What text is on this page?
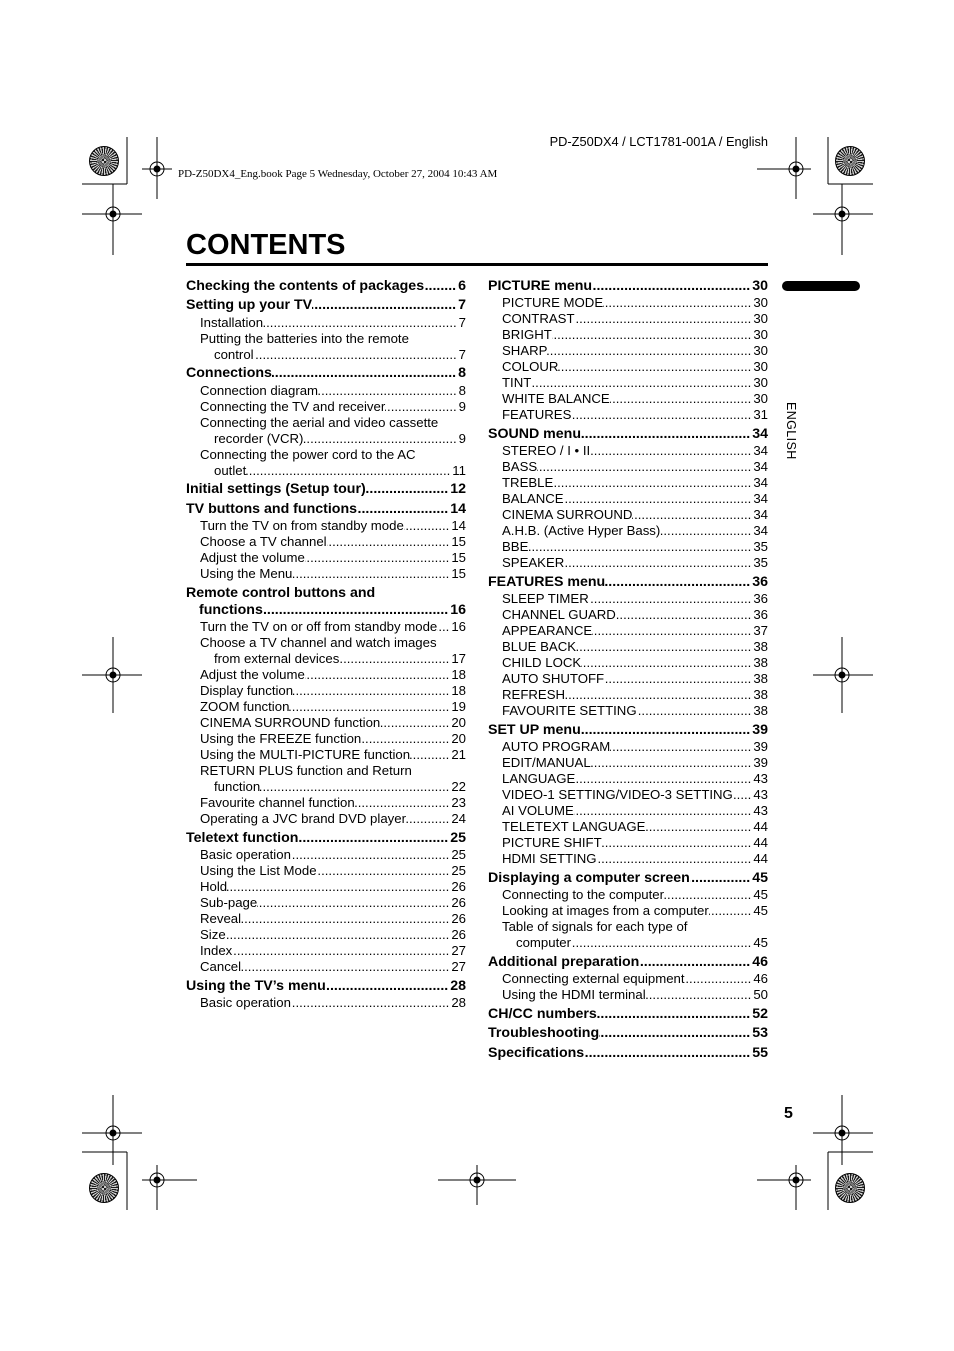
PD-Z50DX4 / LCT1781-001A / English
PD-Z50DX4_Eng.book Page 5 Wednesday, October 27, 2004 10:43 AM
CONTENTS
ENGLISH
Checking the contents of packages ..... 6
Setting up your TV .....	7
Installation .....	7
Putting the batteries into the remote
control .....	7
Connections .....	8
Connection diagram .....	8
Connecting the TV and receiver .....	9
Connecting the aerial and video cassette
recorder (VCR) .....	9
Connecting the power cord to the AC
outlet .....	11
Initial settings (Setup tour) .....	12
TV buttons and functions .....	14
Turn the TV on from standby mode .....	14
Choose a TV channel .....	15
Adjust the volume .....	15
Using the Menu .....	15
Remote control buttons and
functions .....	16
Turn the TV on or off from standby mode ..... 16
Choose a TV channel and watch images
from external devices .....	17
Adjust the volume .....	18
Display function .....	18
ZOOM function .....	19
CINEMA SURROUND function .....	20
Using the FREEZE function .....	20
Using the MULTI-PICTURE function .....	21
RETURN PLUS function and Return
function .....	22
Favourite channel function .....	23
Operating a JVC brand DVD player .....	24
Teletext function .....	25
Basic operation .....	25
Using the List Mode .....	25
Hold .....	26
Sub-page .....	26
Reveal .....	26
Size .....	26
Index .....	27
Cancel .....	27
Using the TV’s menu .....	28
Basic operation .....	28
PICTURE menu .....	30
PICTURE MODE .....	30
CONTRAST .....	30
BRIGHT .....	30
SHARP .....	30
COLOUR .....	30
TINT .....	30
WHITE BALANCE .....	30
FEATURES .....	31
SOUND menu .....	34
STEREO / I • II .....	34
BASS .....	34
TREBLE .....	34
BALANCE .....	34
CINEMA SURROUND .....	34
A.H.B. (Active Hyper Bass) .....	34
BBE .....	35
SPEAKER .....	35
FEATURES menu .....	36
SLEEP TIMER .....	36
CHANNEL GUARD .....	36
APPEARANCE .....	37
BLUE BACK .....	38
CHILD LOCK .....	38
AUTO SHUTOFF .....	38
REFRESH .....	38
FAVOURITE SETTING .....	38
SET UP menu .....	39
AUTO PROGRAM .....	39
EDIT/MANUAL .....	39
LANGUAGE .....	43
VIDEO-1 SETTING/VIDEO-3 SETTING ..... 43
AI VOLUME .....	43
TELETEXT LANGUAGE .....	44
PICTURE SHIFT .....	44
HDMI SETTING .....	44
Displaying a computer screen .....	45
Connecting to the computer .....	45
Looking at images from a computer .....	45
Table of signals for each type of
computer .....	45
Additional preparation .....	46
Connecting external equipment .....	46
Using the HDMI terminal .....	50
CH/CC numbers .....	52
Troubleshooting .....	53
Specifications .....	55
5
